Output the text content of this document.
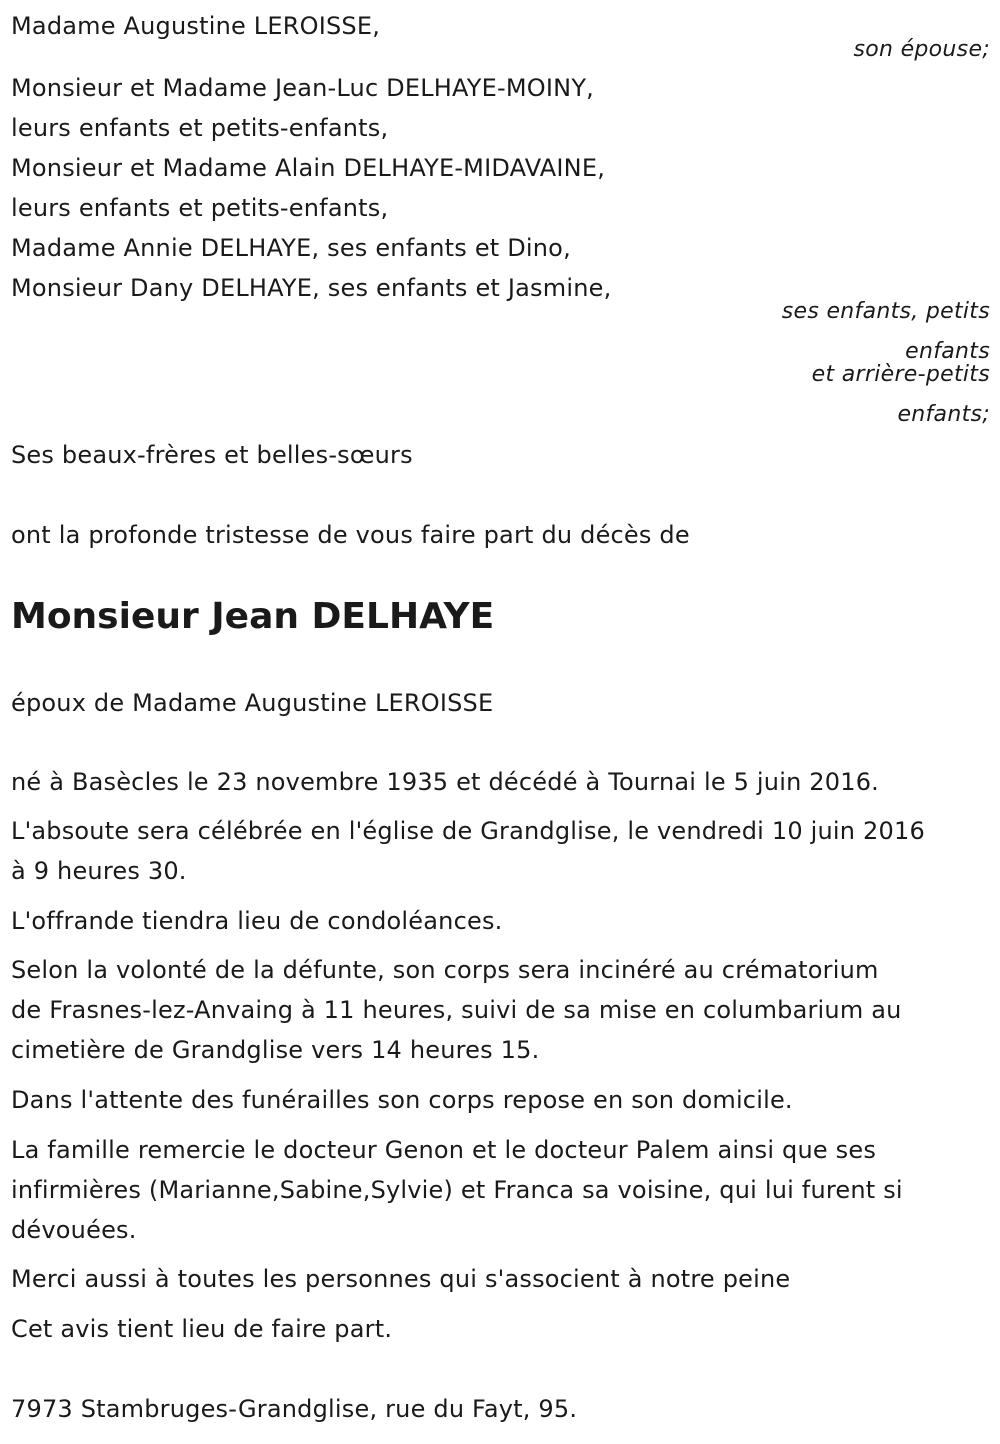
Madame Augustine LEROISSE,
son épouse;
Monsieur et Madame Jean-Luc DELHAYE-MOINY,
leurs enfants et petits-enfants,
Monsieur et Madame Alain DELHAYE-MIDAVAINE,
leurs enfants et petits-enfants,
Madame Annie DELHAYE, ses enfants et Dino,
Monsieur Dany DELHAYE, ses enfants et Jasmine,
ses enfants, petits
enfants
et arrière-petits
enfants;
Ses beaux-frères et belles-sœurs
ont la profonde tristesse de vous faire part du décès de
Monsieur Jean DELHAYE
époux de Madame Augustine LEROISSE
né à Basècles le 23 novembre 1935 et décédé à Tournai le 5 juin 2016.
L'absoute sera célébrée en l'église de Grandglise, le vendredi 10 juin 2016
à 9 heures 30.
L'offrande tiendra lieu de condoléances.
Selon la volonté de la défunte, son corps sera incinéré au crématorium
de Frasnes-lez-Anvaing à 11 heures, suivi de sa mise en columbarium au
cimetière de Grandglise vers 14 heures 15.
Dans l'attente des funérailles son corps repose en son domicile.
La famille remercie le docteur Genon et le docteur Palem ainsi que ses
infirmières (Marianne,Sabine,Sylvie) et Franca sa voisine, qui lui furent si
dévouées.
Merci aussi à toutes les personnes qui s'associent à notre peine
Cet avis tient lieu de faire part.
7973 Stambruges-Grandglise, rue du Fayt, 95.
